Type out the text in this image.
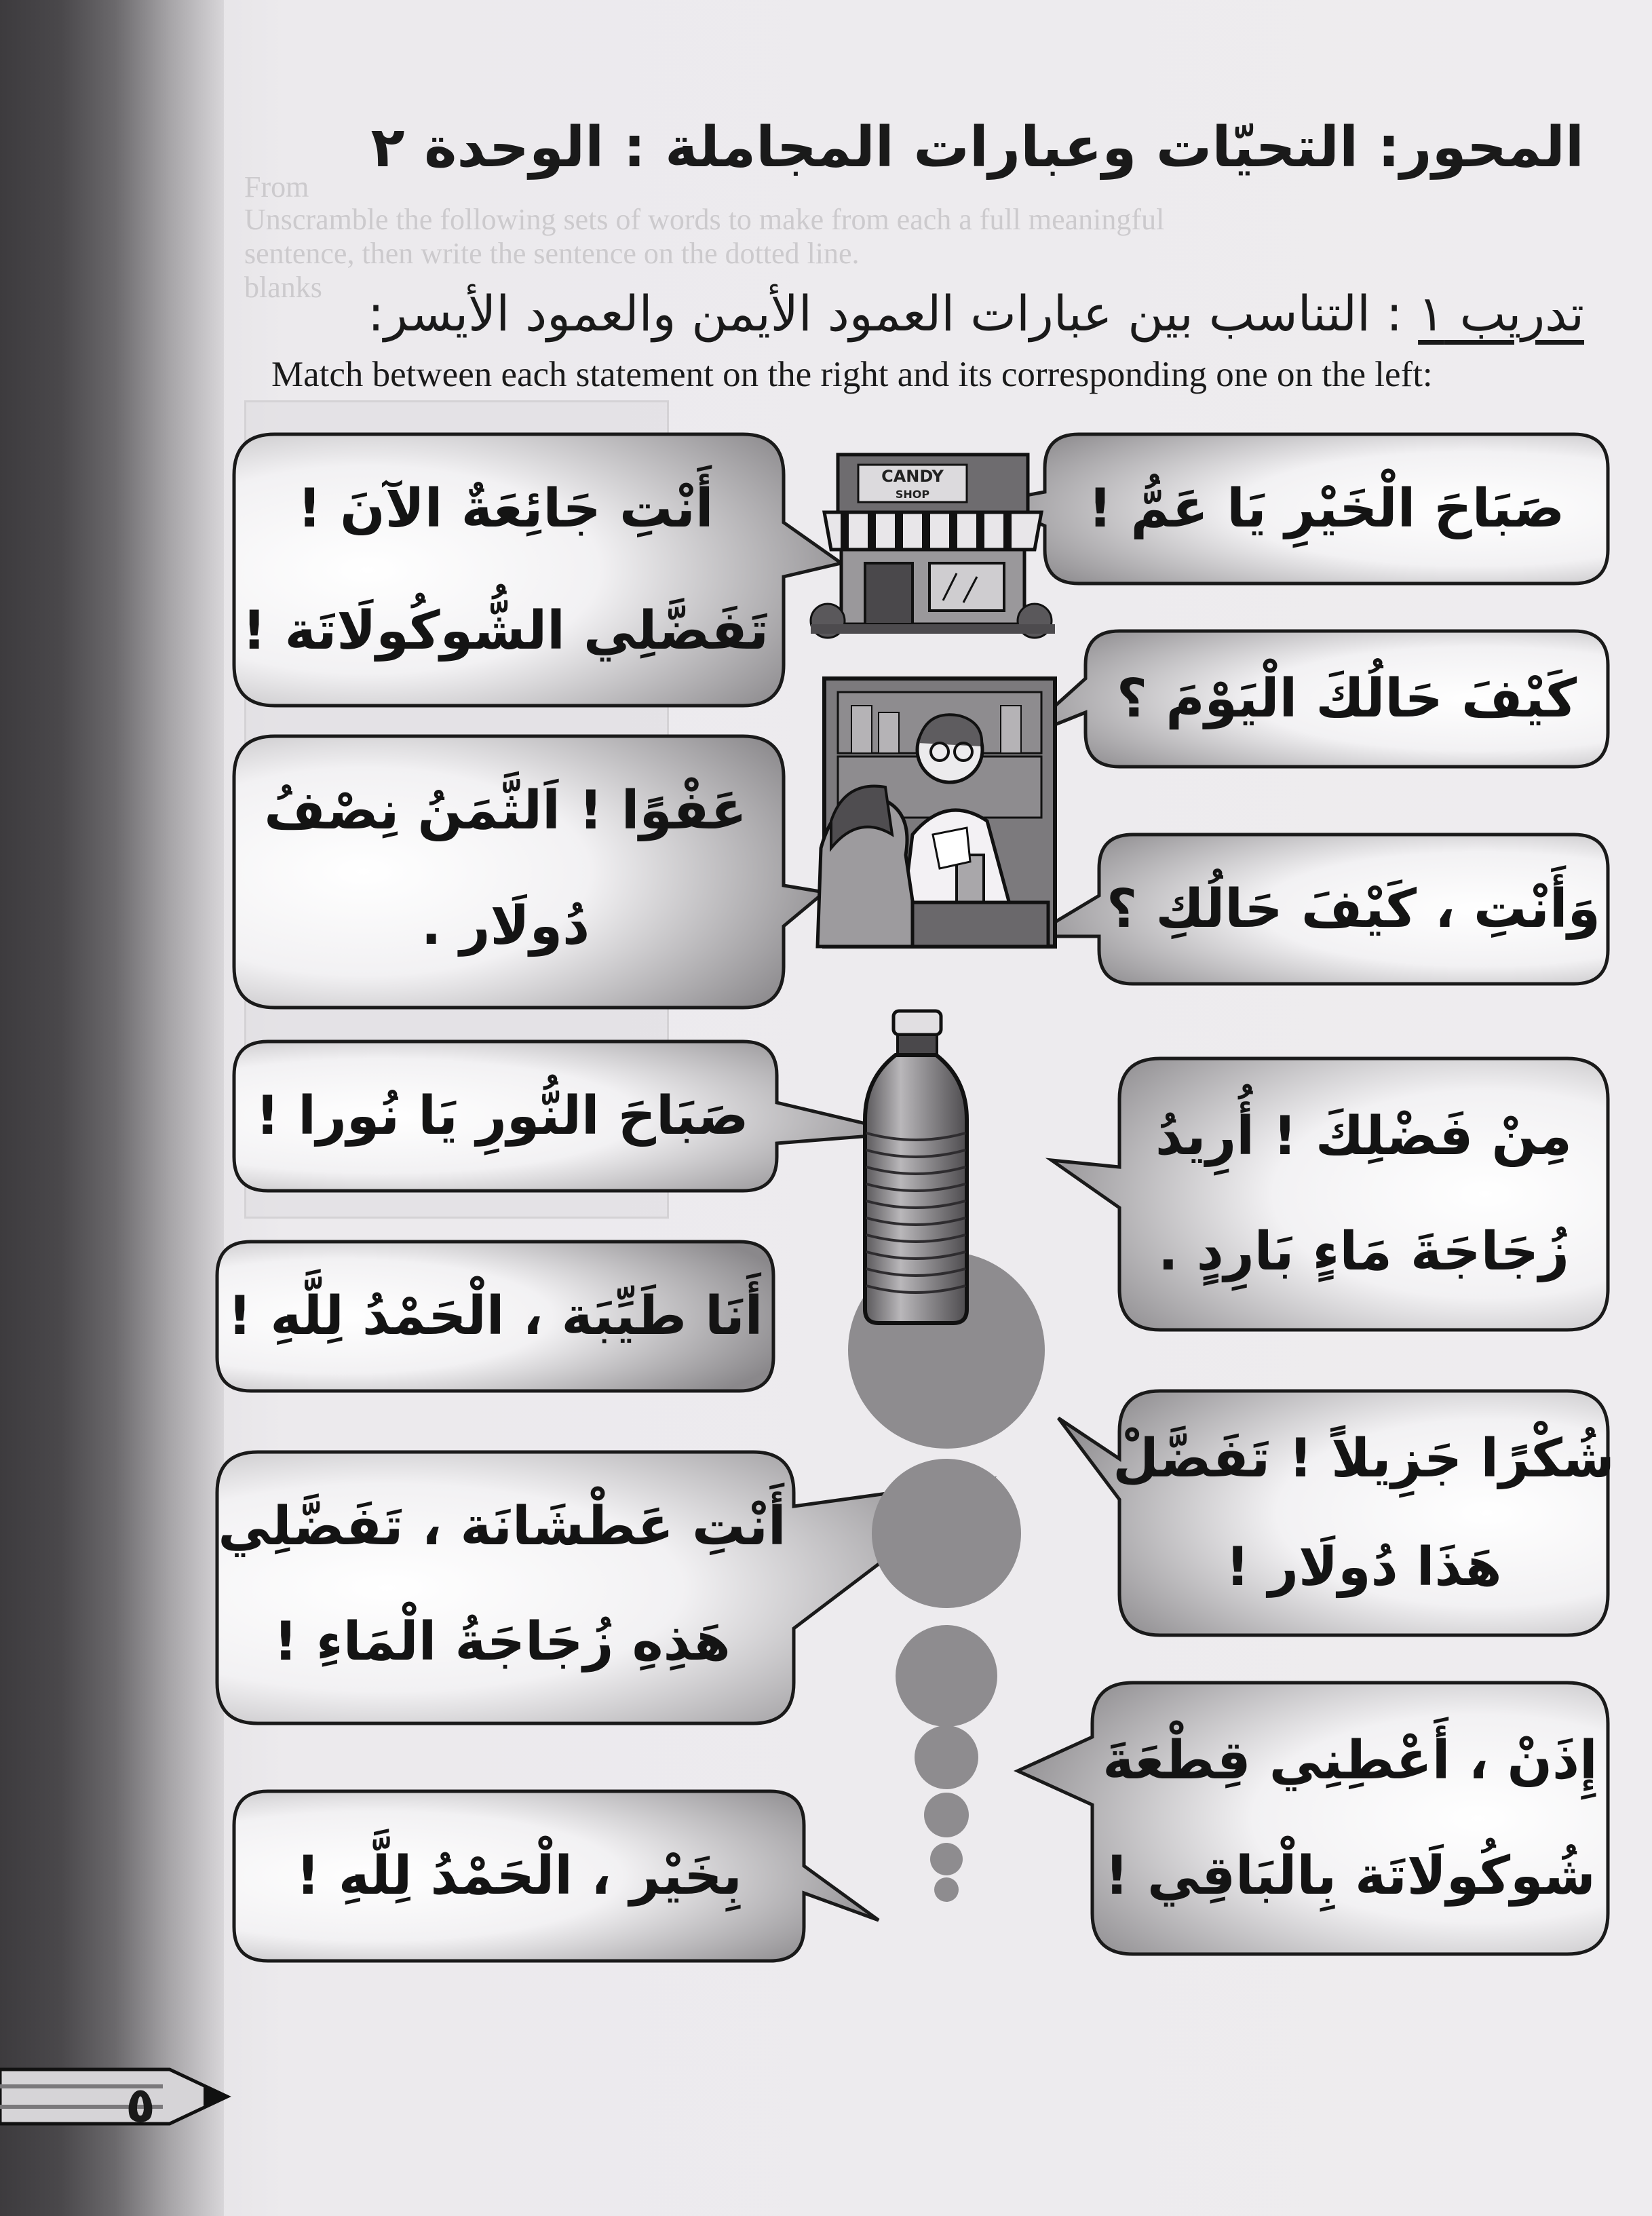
Unscramble the following sets of words to make from each a full meaningful
sentence, then write the sentence on the dotted line.
From
blanks
المحور: التحيّات وعبارات المجاملة : الوحدة ٢
تدريب ١ : التناسب بين عبارات العمود الأيمن والعمود الأيسر:
Match between each statement on the right and its corresponding one on the left:
صَبَاحَ الْخَيْرِ يَا عَمُّ !
كَيْفَ حَالُكَ الْيَوْمَ ؟
وَأَنْتِ ، كَيْفَ حَالُكِ ؟
مِنْ فَضْلِكَ ! أُرِيدُ
زُجَاجَةَ مَاءٍ بَارِدٍ .
شُكْرًا جَزِيلاً ! تَفَضَّلْ
هَذَا دُولَار !
إِذَنْ ، أَعْطِنِي قِطْعَةَ
شُوكُولَاتَة بِالْبَاقِي !
أَنْتِ جَائِعَةٌ الآنَ !
تَفَضَّلِي الشُّوكُولَاتَة !
عَفْوًا ! اَلثَّمَنُ نِصْفُ
دُولَار .
صَبَاحَ النُّورِ يَا نُورا !
أَنَا طَيِّبَة ، الْحَمْدُ لِلَّهِ !
أَنْتِ عَطْشَانَة ، تَفَضَّلِي
هَذِهِ زُجَاجَةُ الْمَاءِ !
بِخَيْر ، الْحَمْدُ لِلَّهِ !
CANDY
SHOP
٥
